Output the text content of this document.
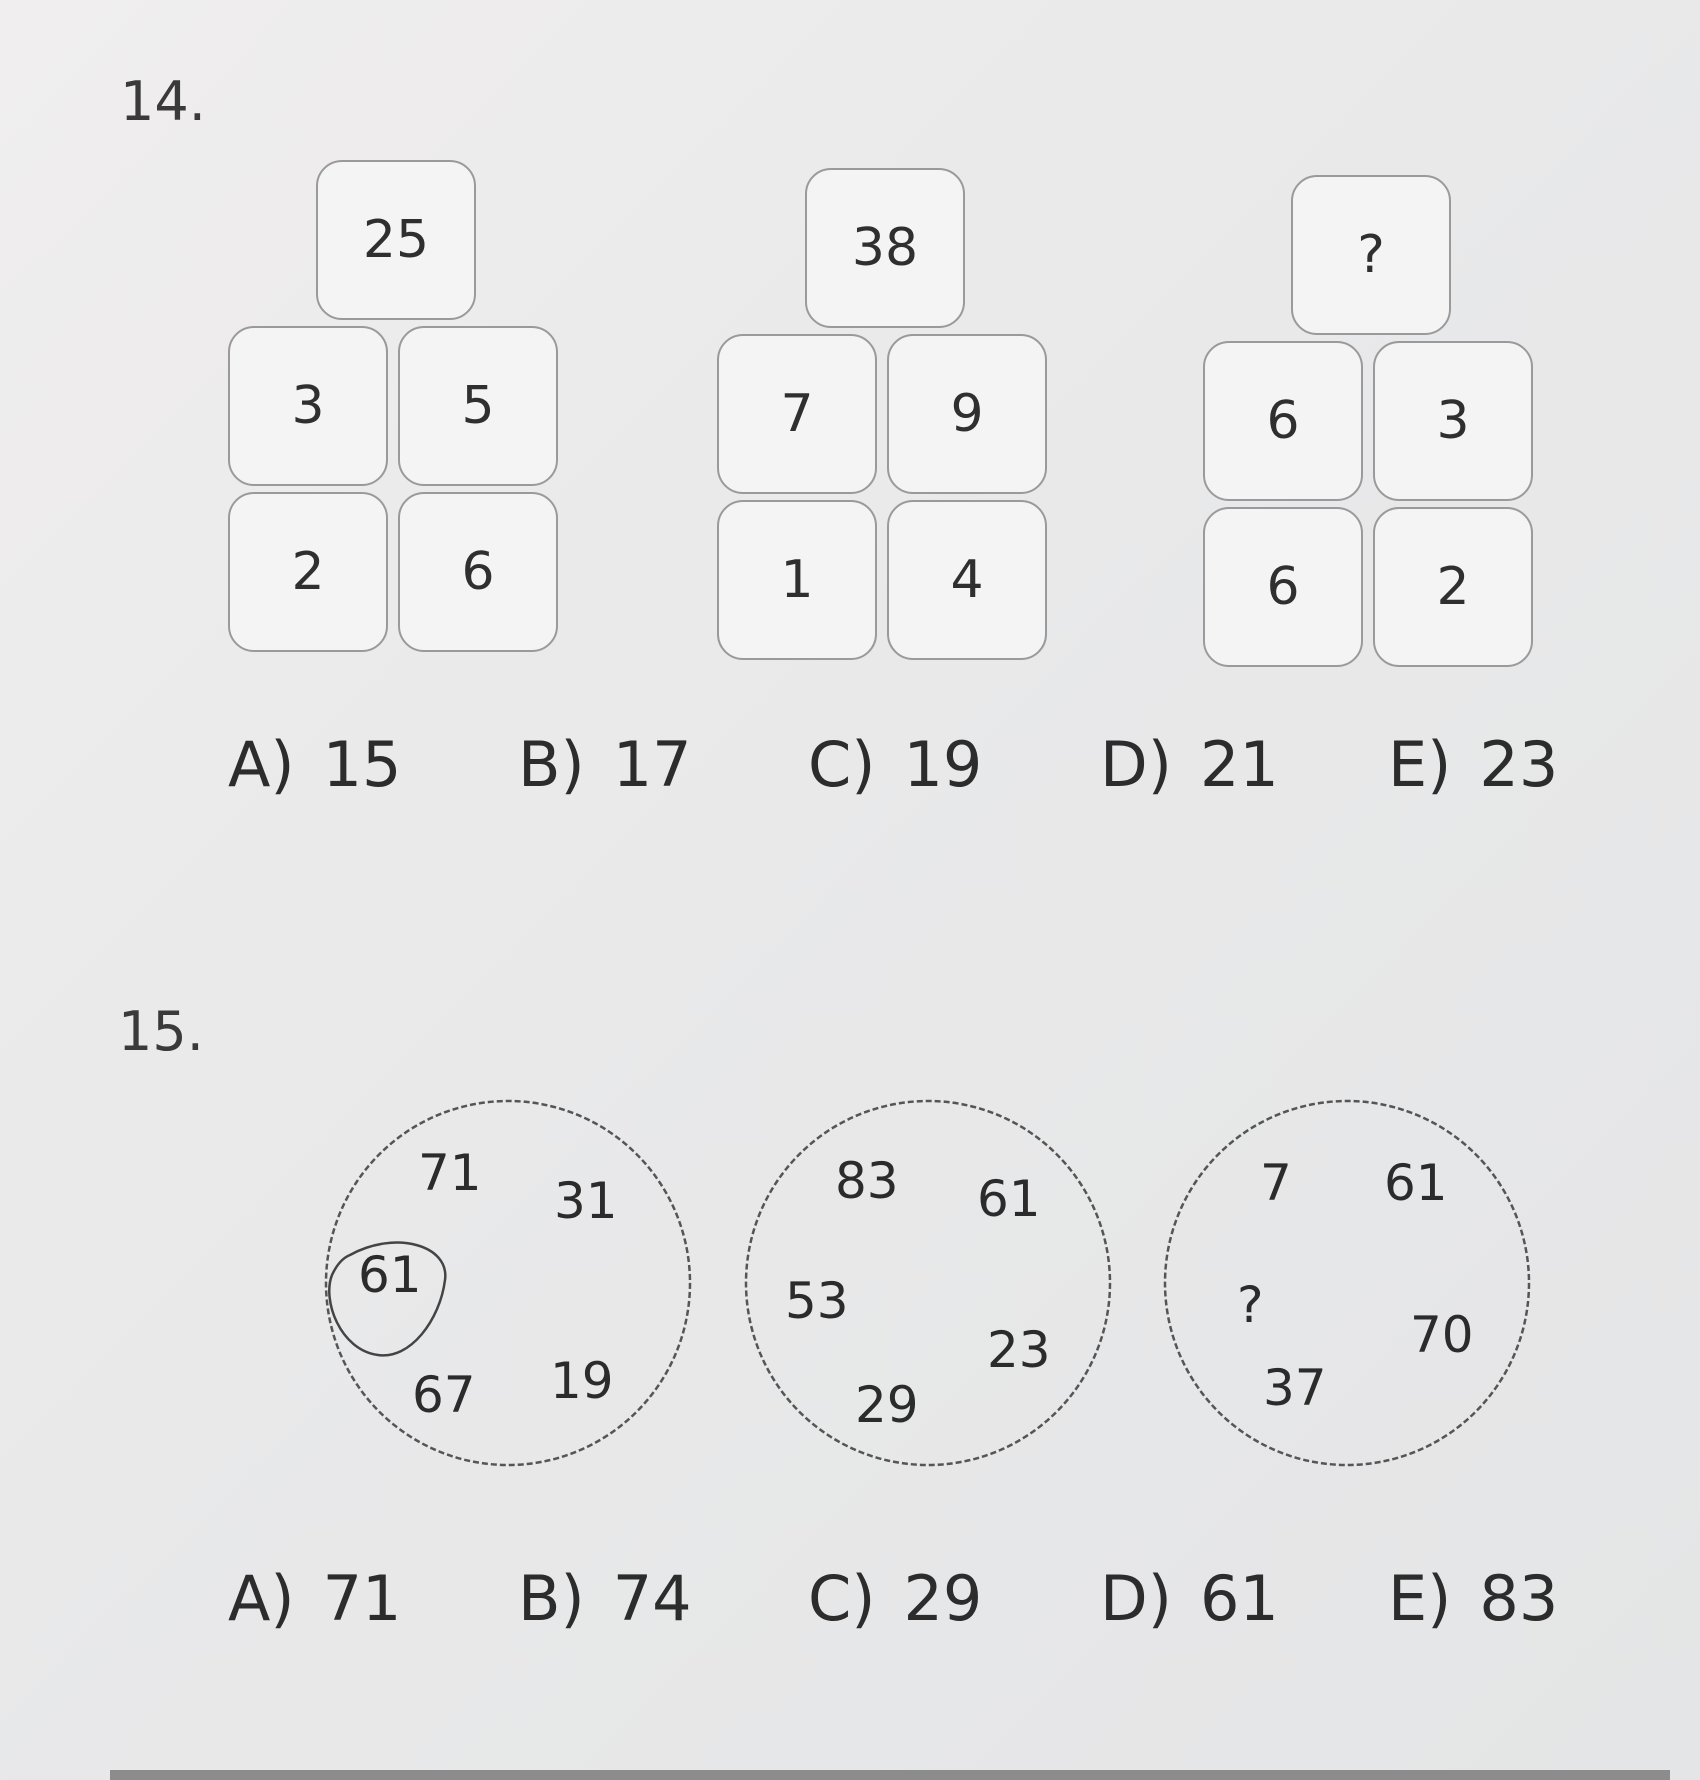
14.
25
3	5
2	6
38
7	9
1	4
?
6	3
6	2
A) 15 B) 17 C) 19 D) 21 E) 23
15.
71 31
61
67 19
83 61
53
23
29
7 61
?
70
37
A) 71 B) 74 C) 29 D) 61 E) 83
